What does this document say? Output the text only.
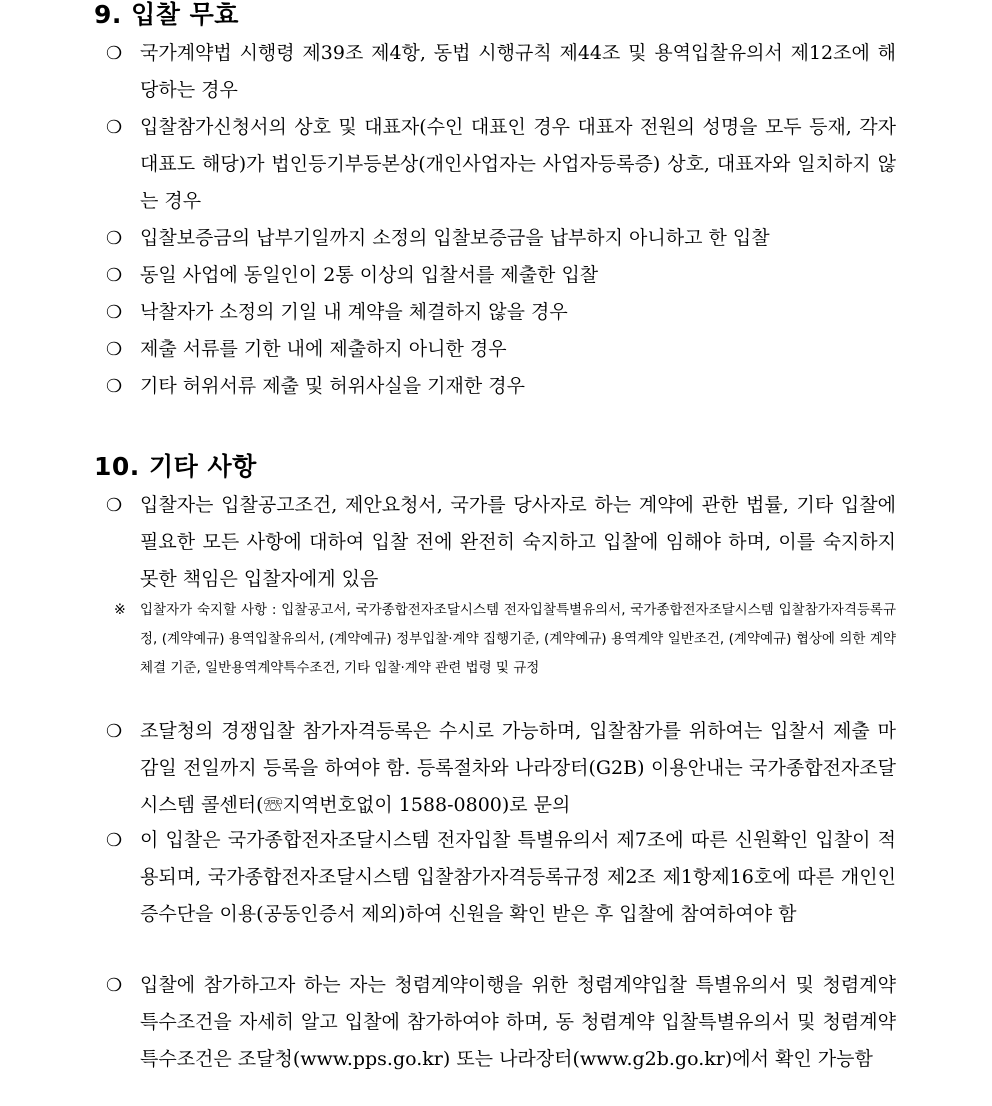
9. 입찰 무효
❍ 국가계약법 시행령 제39조 제4항, 동법 시행규칙 제44조 및 용역입찰유의서 제12조에 해당하는 경우
❍ 입찰참가신청서의 상호 및 대표자(수인 대표인 경우 대표자 전원의 성명을 모두 등재, 각자 대표도 해당)가 법인등기부등본상(개인사업자는 사업자등록증) 상호, 대표자와 일치하지 않는 경우
❍ 입찰보증금의 납부기일까지 소정의 입찰보증금을 납부하지 아니하고 한 입찰
❍ 동일 사업에 동일인이 2통 이상의 입찰서를 제출한 입찰
❍ 낙찰자가 소정의 기일 내 계약을 체결하지 않을 경우
❍ 제출 서류를 기한 내에 제출하지 아니한 경우
❍ 기타 허위서류 제출 및 허위사실을 기재한 경우
10. 기타 사항
❍ 입찰자는 입찰공고조건, 제안요청서, 국가를 당사자로 하는 계약에 관한 법률, 기타 입찰에 필요한 모든 사항에 대하여 입찰 전에 완전히 숙지하고 입찰에 임해야 하며, 이를 숙지하지 못한 책임은 입찰자에게 있음
※ 입찰자가 숙지할 사항 : 입찰공고서, 국가종합전자조달시스템 전자입찰특별유의서, 국가종합전자조달시스템 입찰참가자격등록규정, (계약예규) 용역입찰유의서, (계약예규) 정부입찰·계약 집행기준, (계약예규) 용역계약 일반조건, (계약예규) 협상에 의한 계약체결 기준, 일반용역계약특수조건, 기타 입찰·계약 관련 법령 및 규정
❍ 조달청의 경쟁입찰 참가자격등록은 수시로 가능하며, 입찰참가를 위하여는 입찰서 제출 마감일 전일까지 등록을 하여야 함. 등록절차와 나라장터(G2B) 이용안내는 국가종합전자조달시스템 콜센터(☏지역번호없이 1588-0800)로 문의
❍ 이 입찰은 국가종합전자조달시스템 전자입찰 특별유의서 제7조에 따른 신원확인 입찰이 적용되며, 국가종합전자조달시스템 입찰참가자격등록규정 제2조 제1항제16호에 따른 개인인증수단을 이용(공동인증서 제외)하여 신원을 확인 받은 후 입찰에 참여하여야 함
❍ 입찰에 참가하고자 하는 자는 청렴계약이행을 위한 청렴계약입찰 특별유의서 및 청렴계약 특수조건을 자세히 알고 입찰에 참가하여야 하며, 동 청렴계약 입찰특별유의서 및 청렴계약 특수조건은 조달청(www.pps.go.kr) 또는 나라장터(www.g2b.go.kr)에서 확인 가능함
